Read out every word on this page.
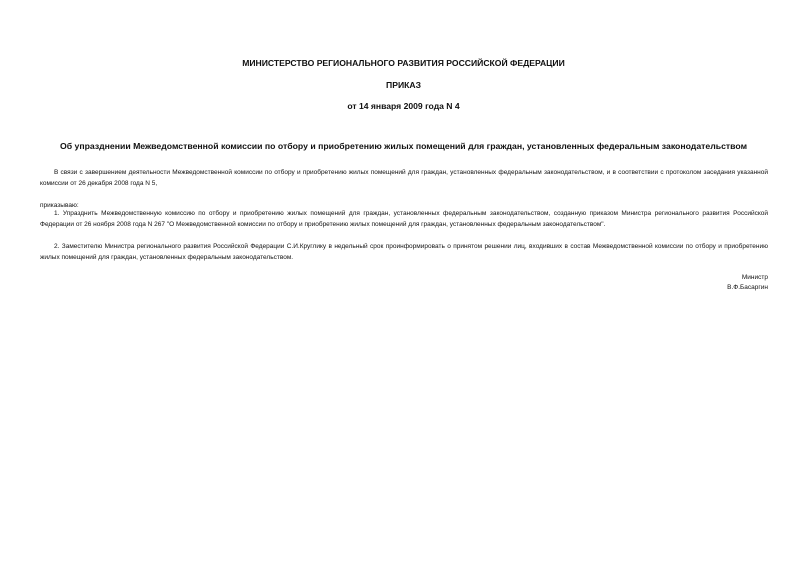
МИНИСТЕРСТВО РЕГИОНАЛЬНОГО РАЗВИТИЯ РОССИЙСКОЙ ФЕДЕРАЦИИ
ПРИКАЗ
от 14 января 2009 года N 4
Об упразднении Межведомственной комиссии по отбору и приобретению жилых помещений для граждан, установленных федеральным законодательством
В связи с завершением деятельности Межведомственной комиссии по отбору и приобретению жилых помещений для граждан, установленных федеральным законодательством, и в соответствии с протоколом заседания указанной комиссии от 26 декабря 2008 года N 5,
приказываю:
1. Упразднить Межведомственную комиссию по отбору и приобретению жилых помещений для граждан, установленных федеральным законодательством, созданную приказом Министра регионального развития Российской Федерации от 26 ноября 2008 года N 267 "О Межведомственной комиссии по отбору и приобретению жилых помещений для граждан, установленных федеральным законодательством".
2. Заместителю Министра регионального развития Российской Федерации С.И.Круглику в недельный срок проинформировать о принятом решении лиц, входивших в состав Межведомственной комиссии по отбору и приобретению жилых помещений для граждан, установленных федеральным законодательством.
Министр
В.Ф.Басаргин
